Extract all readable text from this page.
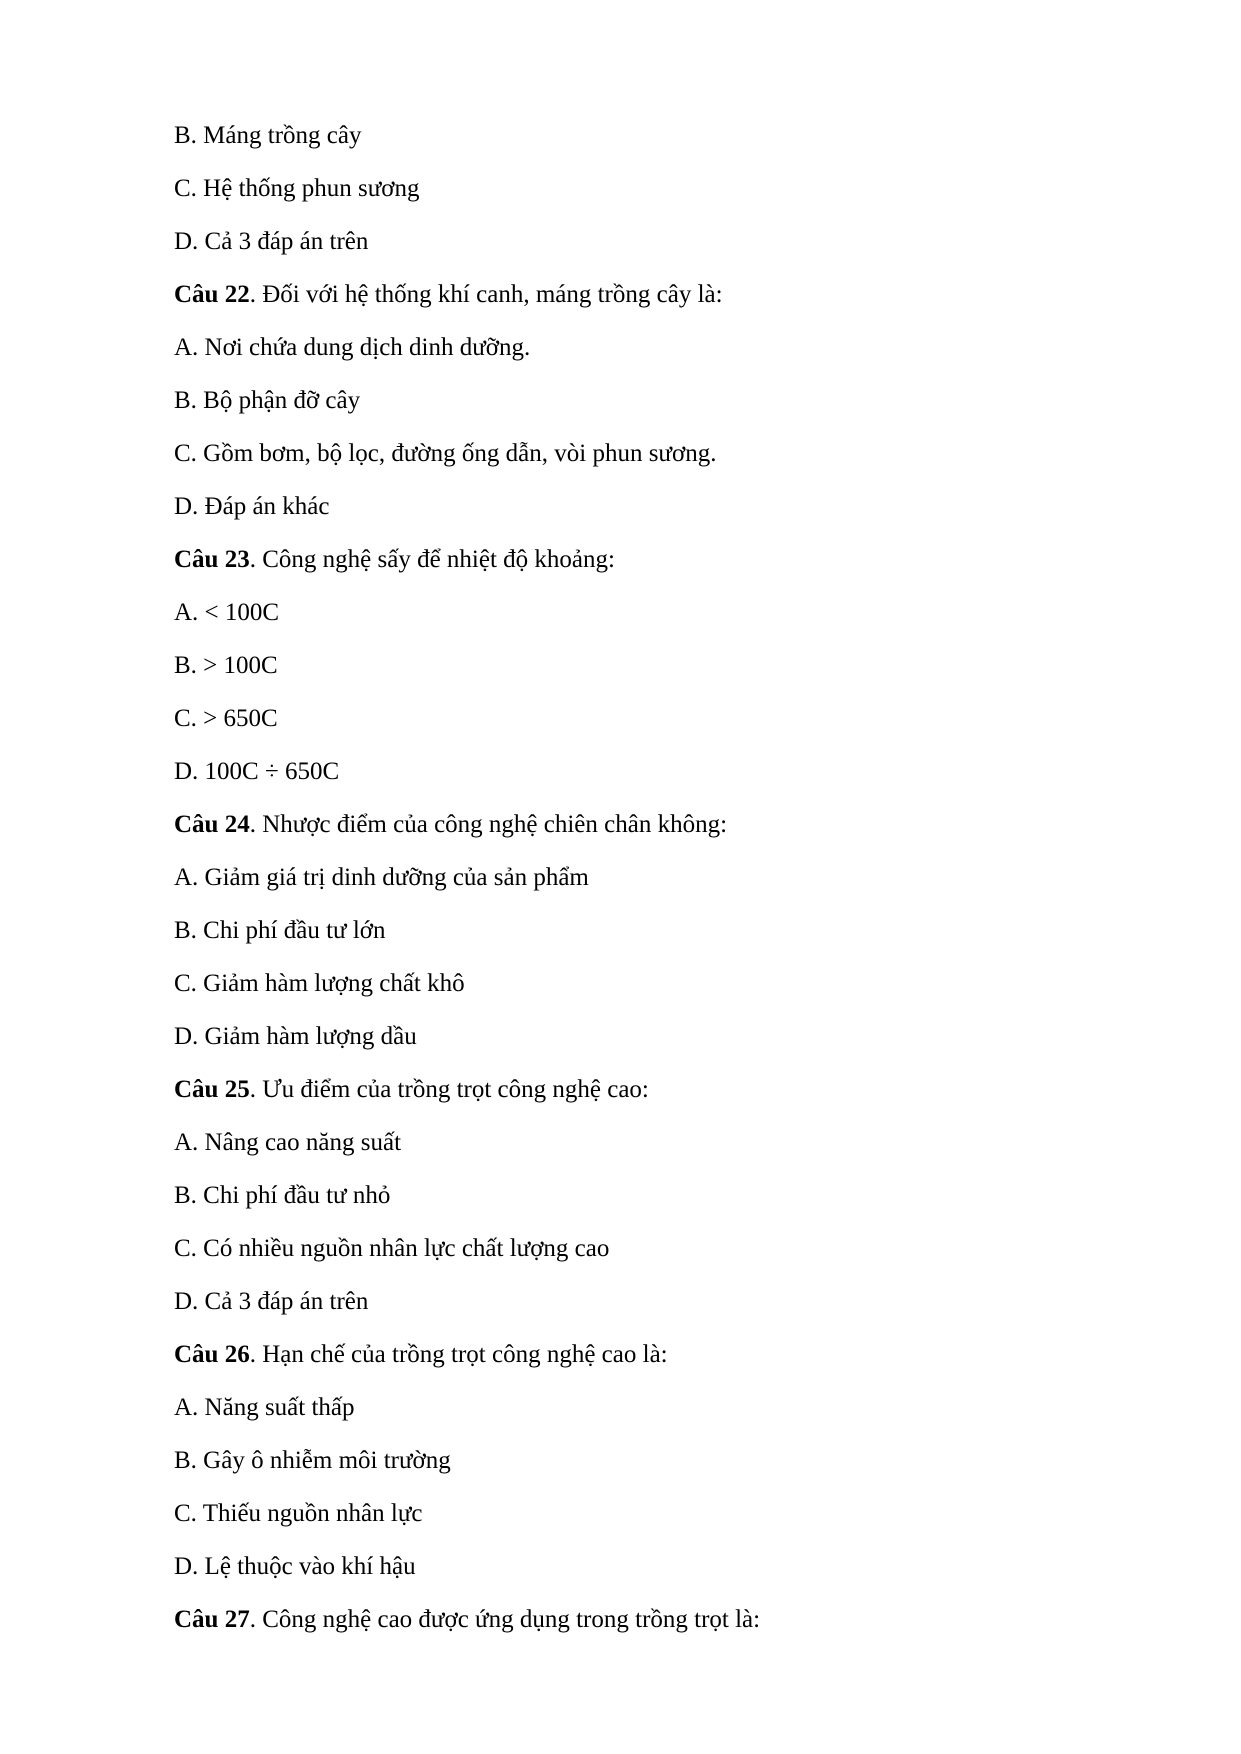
B. Máng trồng cây
C. Hệ thống phun sương
D. Cả 3 đáp án trên
Câu 22. Đối với hệ thống khí canh, máng trồng cây là:
A. Nơi chứa dung dịch dinh dưỡng.
B. Bộ phận đỡ cây
C. Gồm bơm, bộ lọc, đường ống dẫn, vòi phun sương.
D. Đáp án khác
Câu 23. Công nghệ sấy để nhiệt độ khoảng:
A. < 100C
B. > 100C
C. > 650C
D. 100C ÷ 650C
Câu 24. Nhược điểm của công nghệ chiên chân không:
A. Giảm giá trị dinh dưỡng của sản phẩm
B. Chi phí đầu tư lớn
C. Giảm hàm lượng chất khô
D. Giảm hàm lượng dầu
Câu 25. Ưu điểm của trồng trọt công nghệ cao:
A. Nâng cao năng suất
B. Chi phí đầu tư nhỏ
C. Có nhiều nguồn nhân lực chất lượng cao
D. Cả 3 đáp án trên
Câu 26. Hạn chế của trồng trọt công nghệ cao là:
A. Năng suất thấp
B. Gây ô nhiễm môi trường
C. Thiếu nguồn nhân lực
D. Lệ thuộc vào khí hậu
Câu 27. Công nghệ cao được ứng dụng trong trồng trọt là:
